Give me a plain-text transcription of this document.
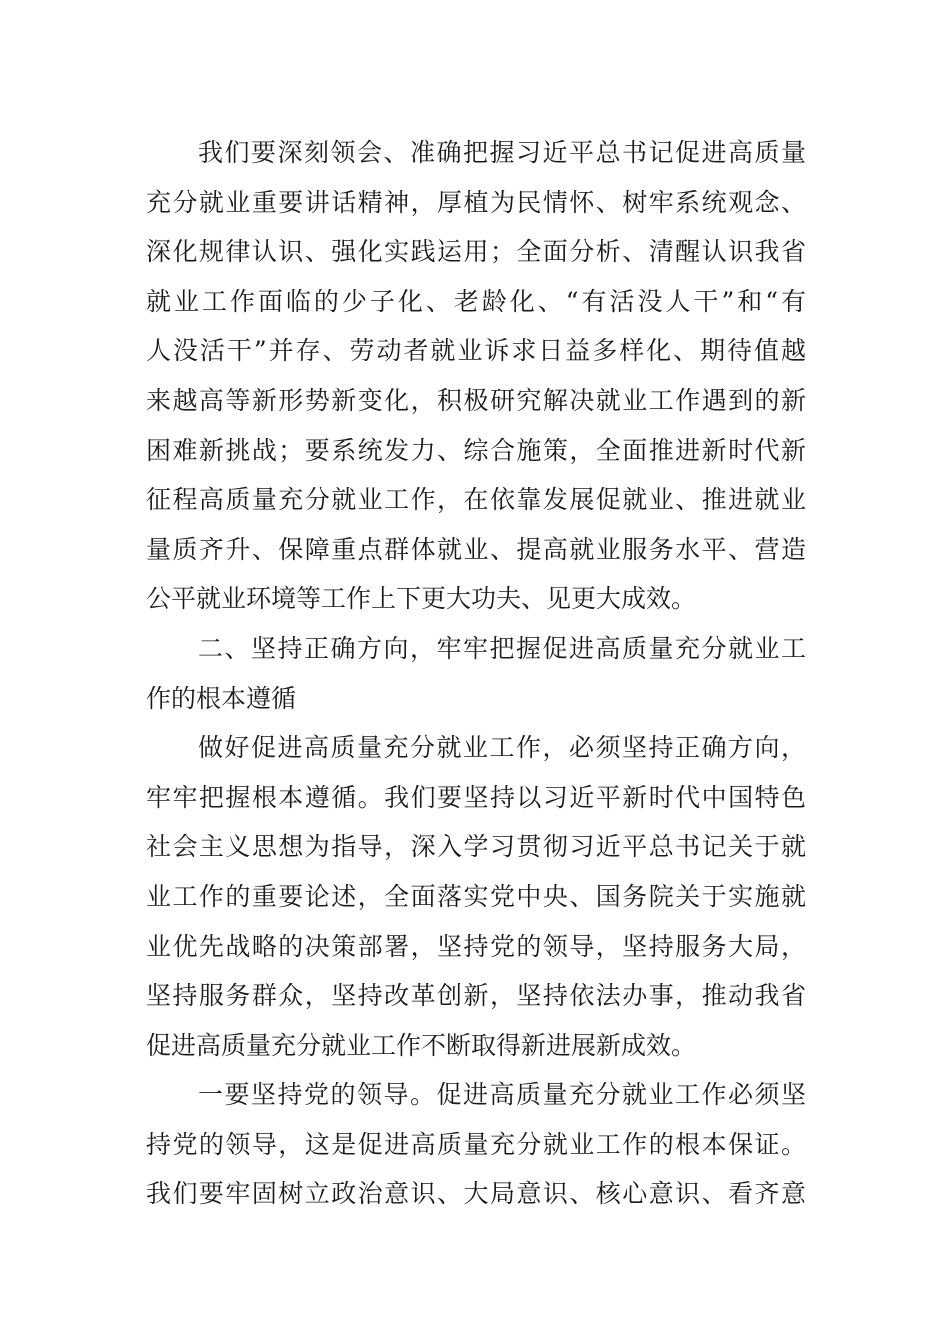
我们要深刻领会、准确把握习近平总书记促进高质量
充分就业重要讲话精神，厚植为民情怀、树牢系统观念、
深化规律认识、强化实践运用；全面分析、清醒认识我省
就业工作面临的少子化、老龄化、“有活没人干”和“有
人没活干”并存、劳动者就业诉求日益多样化、期待值越
来越高等新形势新变化，积极研究解决就业工作遇到的新
困难新挑战；要系统发力、综合施策，全面推进新时代新
征程高质量充分就业工作，在依靠发展促就业、推进就业
量质齐升、保障重点群体就业、提高就业服务水平、营造
公平就业环境等工作上下更大功夫、见更大成效。
二、坚持正确方向，牢牢把握促进高质量充分就业工
作的根本遵循
做好促进高质量充分就业工作，必须坚持正确方向，
牢牢把握根本遵循。我们要坚持以习近平新时代中国特色
社会主义思想为指导，深入学习贯彻习近平总书记关于就
业工作的重要论述，全面落实党中央、国务院关于实施就
业优先战略的决策部署，坚持党的领导，坚持服务大局，
坚持服务群众，坚持改革创新，坚持依法办事，推动我省
促进高质量充分就业工作不断取得新进展新成效。
一要坚持党的领导。促进高质量充分就业工作必须坚
持党的领导，这是促进高质量充分就业工作的根本保证。
我们要牢固树立政治意识、大局意识、核心意识、看齐意
